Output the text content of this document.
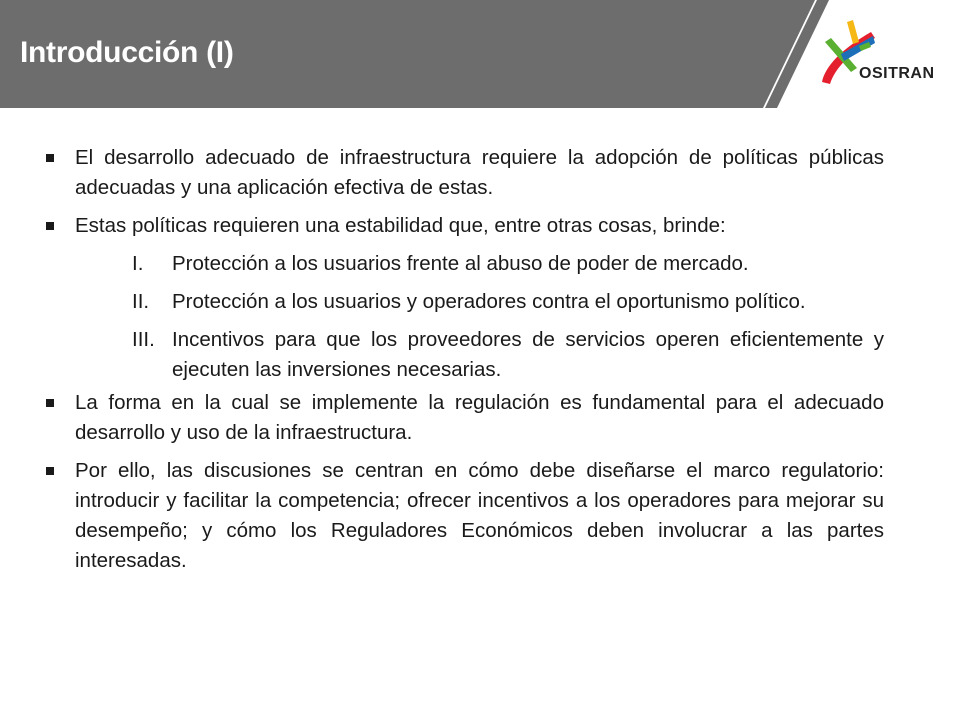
Introducción (I)
OSITRAN
El desarrollo adecuado de infraestructura requiere la adopción de políticas públicas adecuadas y una aplicación efectiva de estas.
Estas políticas requieren una estabilidad que, entre otras cosas, brinde:
I.	Protección a los usuarios frente al abuso de poder de mercado.
II.	Protección a los usuarios y operadores contra el oportunismo político.
III. Incentivos para que los proveedores de servicios operen eficientemente y ejecuten las inversiones necesarias.
La forma en la cual se implemente la regulación es fundamental para el adecuado desarrollo y uso de la infraestructura.
Por ello, las discusiones se centran en cómo debe diseñarse el marco regulatorio: introducir y facilitar la competencia; ofrecer incentivos a los operadores para mejorar su desempeño; y cómo los Reguladores Económicos deben involucrar a las partes interesadas.
